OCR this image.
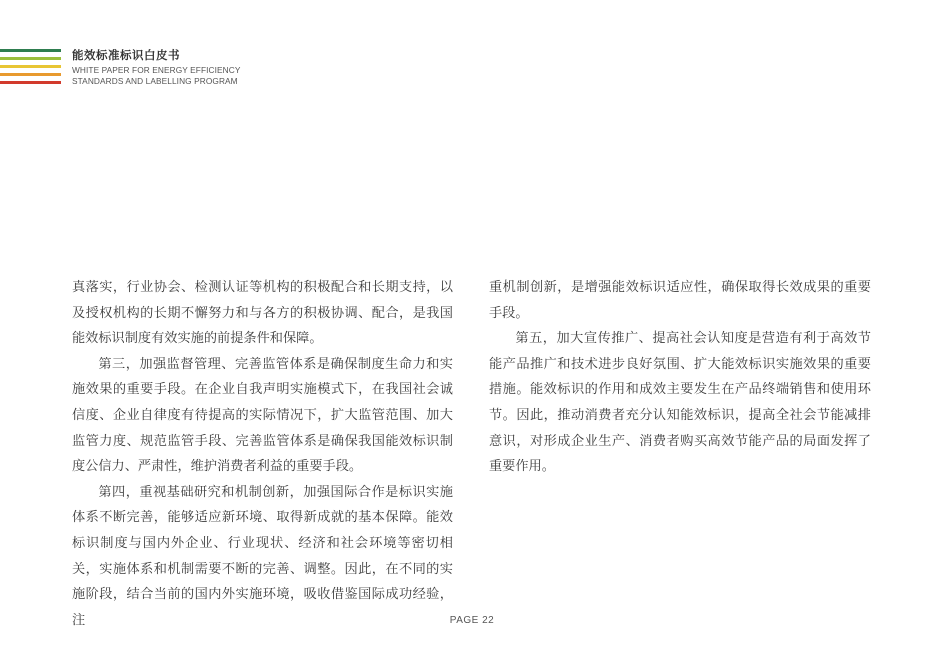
能效标准标识白皮书
WHITE PAPER FOR ENERGY EFFICIENCY
STANDARDS AND LABELLING PROGRAM

真落实，行业协会、检测认证等机构的积极配合和长期支持，以及授权机构的长期不懈努力和与各方的积极协调、配合，是我国能效标识制度有效实施的前提条件和保障。

第三，加强监督管理、完善监管体系是确保制度生命力和实施效果的重要手段。在企业自我声明实施模式下，在我国社会诚信度、企业自律度有待提高的实际情况下，扩大监管范围、加大监管力度、规范监管手段、完善监管体系是确保我国能效标识制度公信力、严肃性，维护消费者利益的重要手段。

第四，重视基础研究和机制创新，加强国际合作是标识实施体系不断完善，能够适应新环境、取得新成就的基本保障。能效标识制度与国内外企业、行业现状、经济和社会环境等密切相关，实施体系和机制需要不断的完善、调整。因此，在不同的实施阶段，结合当前的国内外实施环境，吸收借鉴国际成功经验，注

重机制创新，是增强能效标识适应性，确保取得长效成果的重要手段。

第五，加大宣传推广、提高社会认知度是营造有利于高效节能产品推广和技术进步良好氛围、扩大能效标识实施效果的重要措施。能效标识的作用和成效主要发生在产品终端销售和使用环节。因此，推动消费者充分认知能效标识，提高全社会节能减排意识，对形成企业生产、消费者购买高效节能产品的局面发挥了重要作用。

PAGE 22
